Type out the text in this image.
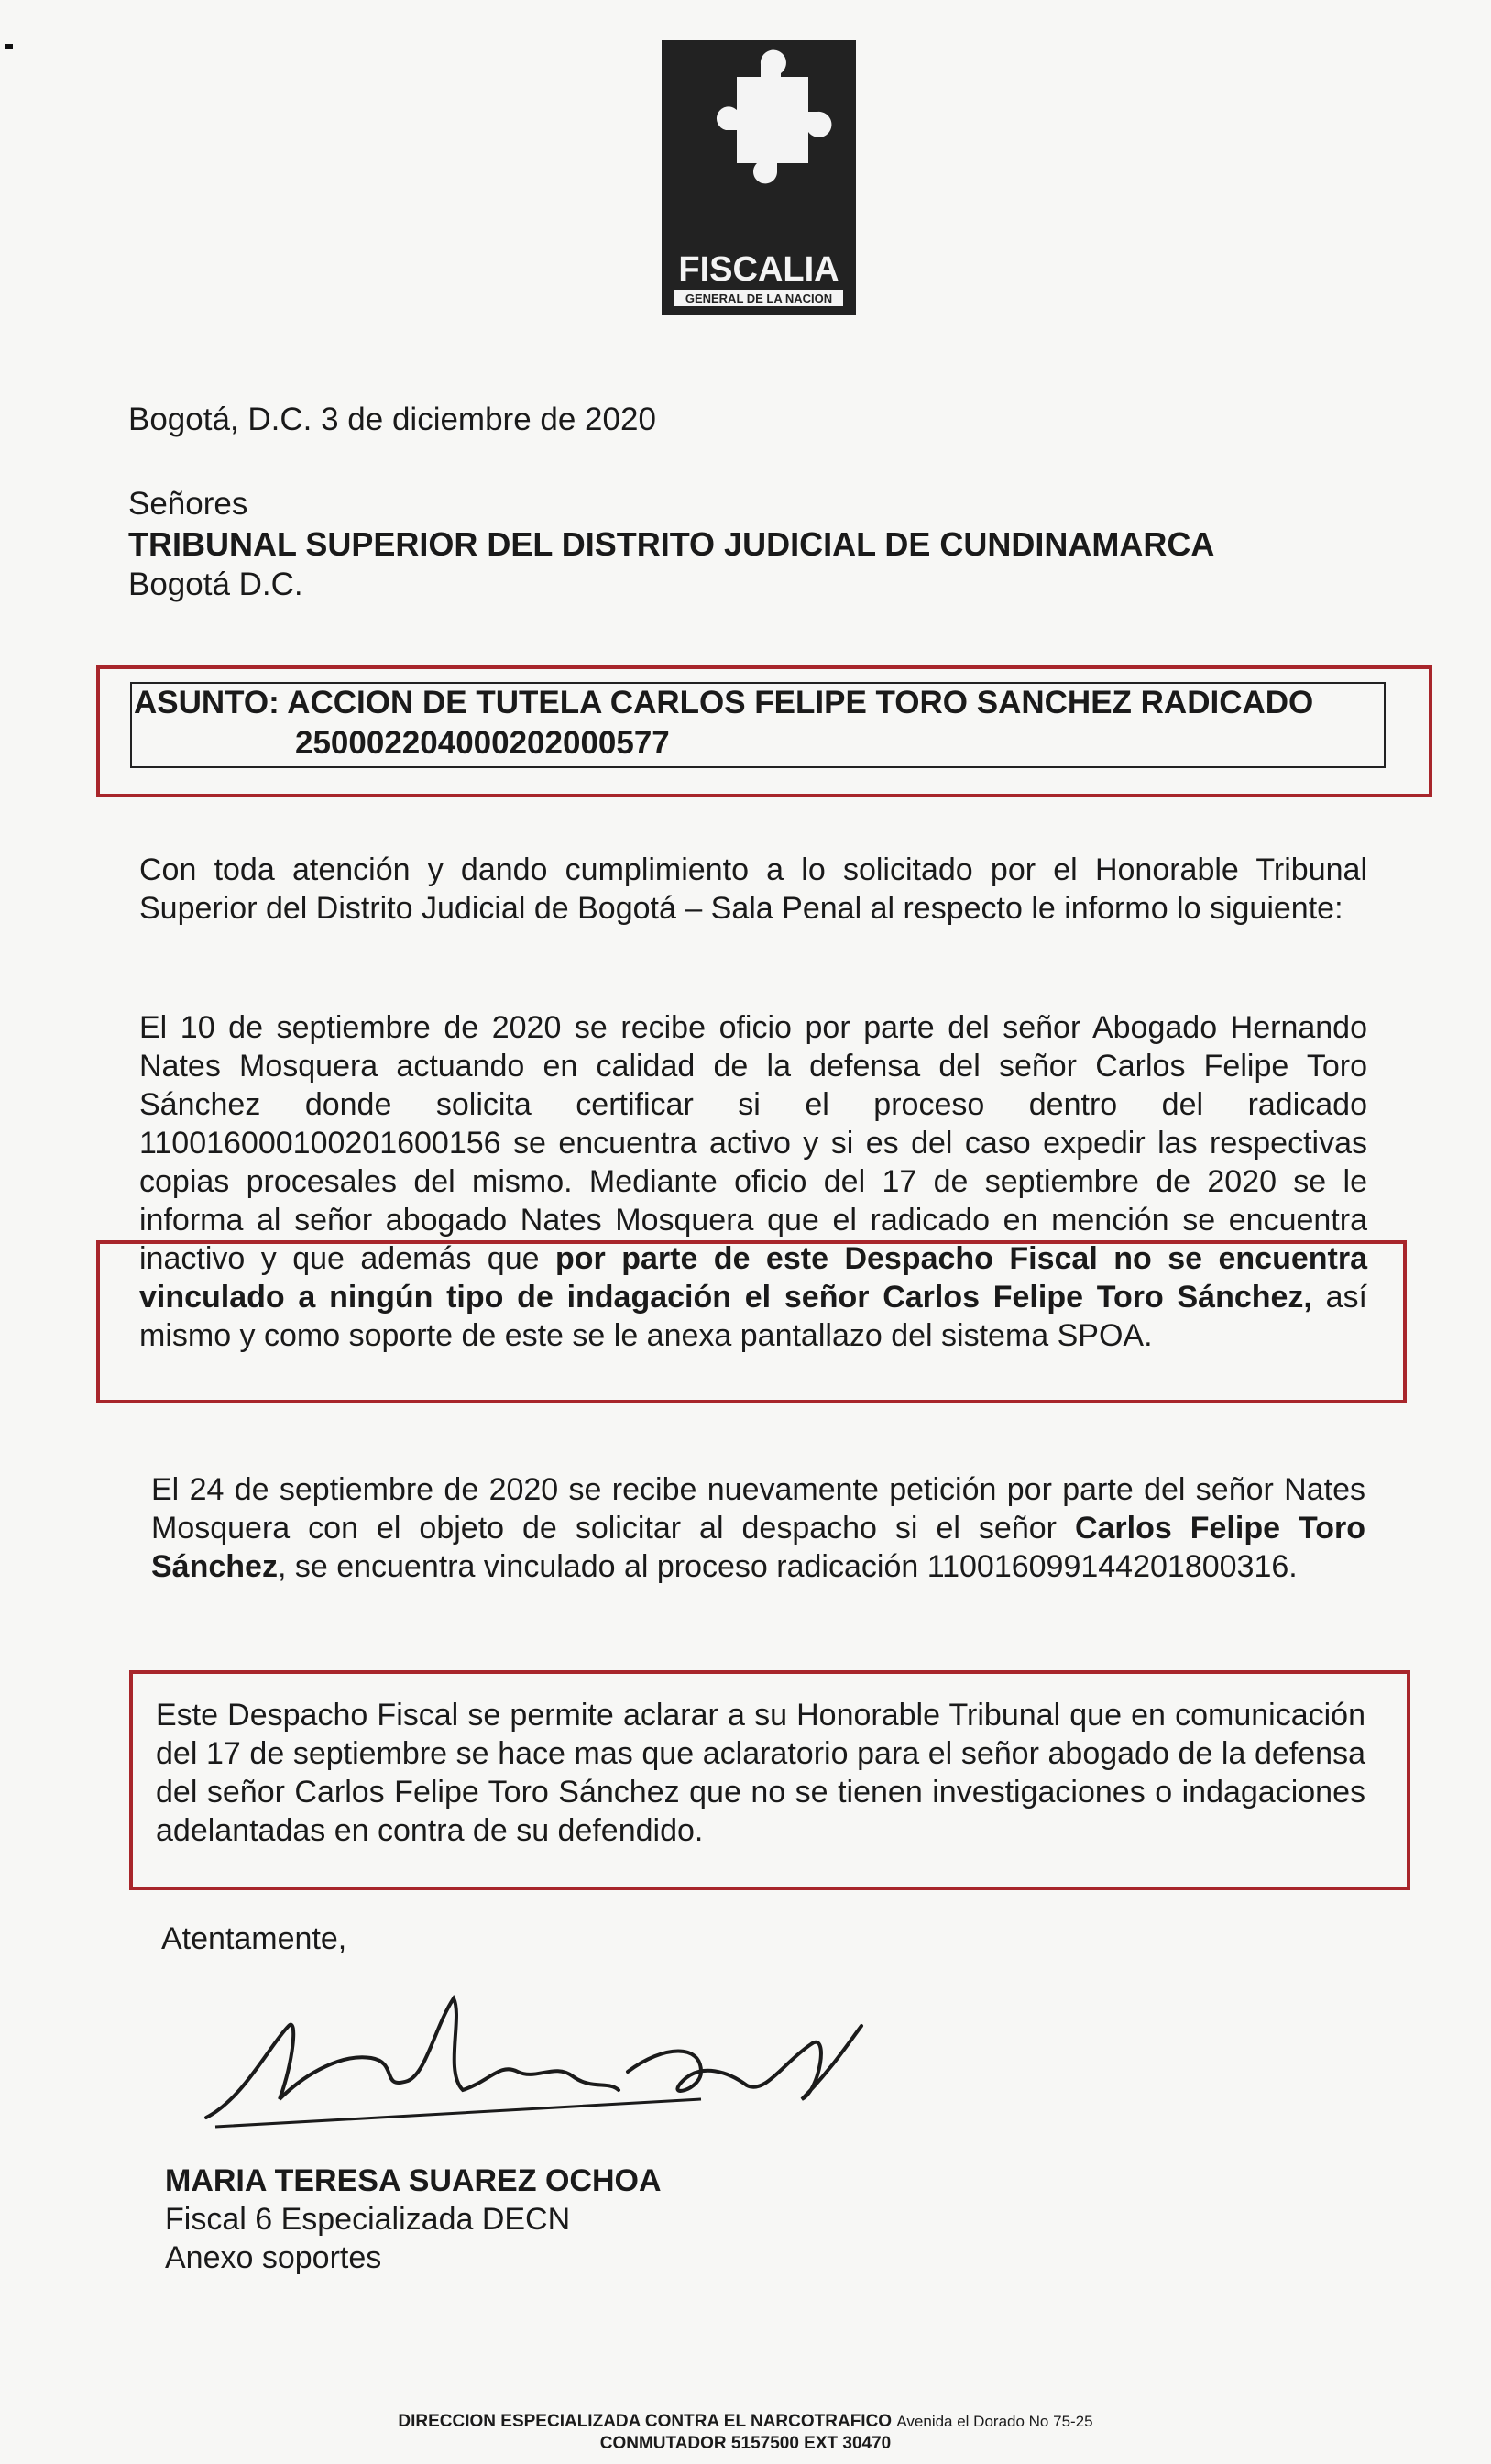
FISCALIA
GENERAL DE LA NACION
Bogotá, D.C. 3 de diciembre de 2020
Señores
TRIBUNAL SUPERIOR DEL DISTRITO JUDICIAL DE CUNDINAMARCA
Bogotá D.C.
ASUNTO: ACCION DE TUTELA CARLOS FELIPE TORO SANCHEZ RADICADO
25000220400020200057​7
Con toda atención y dando cumplimiento a lo solicitado por el Honorable Tribunal Superior del Distrito Judicial de Bogotá – Sala Penal al respecto le informo lo siguiente:
El 10 de septiembre de 2020 se recibe oficio por parte del señor Abogado Hernando Nates Mosquera actuando en calidad de la defensa del señor Carlos Felipe Toro Sánchez donde solicita certificar si el proceso dentro del radicado 110016000100201600156 se encuentra activo y si es del caso expedir las respectivas copias procesales del mismo. Mediante oficio del 17 de septiembre de 2020 se le informa al señor abogado Nates Mosquera que el radicado en mención se encuentra inactivo y que además que por parte de este Despacho Fiscal no se encuentra vinculado a ningún tipo de indagación el señor Carlos Felipe Toro Sánchez, así mismo y como soporte de este se le anexa pantallazo del sistema SPOA.
El 24 de septiembre de 2020 se recibe nuevamente petición por parte del señor Nates Mosquera con el objeto de solicitar al despacho si el señor Carlos Felipe Toro Sánchez, se encuentra vinculado al proceso radicación 110016099144201800316.
Este Despacho Fiscal se permite aclarar a su Honorable Tribunal que en comunicación del 17 de septiembre se hace mas que aclaratorio para el señor abogado de la defensa del señor Carlos Felipe Toro Sánchez que no se tienen investigaciones o indagaciones adelantadas en contra de su defendido.
Atentamente,
MARIA TERESA SUAREZ OCHOA
Fiscal 6 Especializada DECN
Anexo soportes
DIRECCION ESPECIALIZADA CONTRA EL NARCOTRAFICO Avenida el Dorado No 75-25
CONMUTADOR 5157500 EXT 30470
